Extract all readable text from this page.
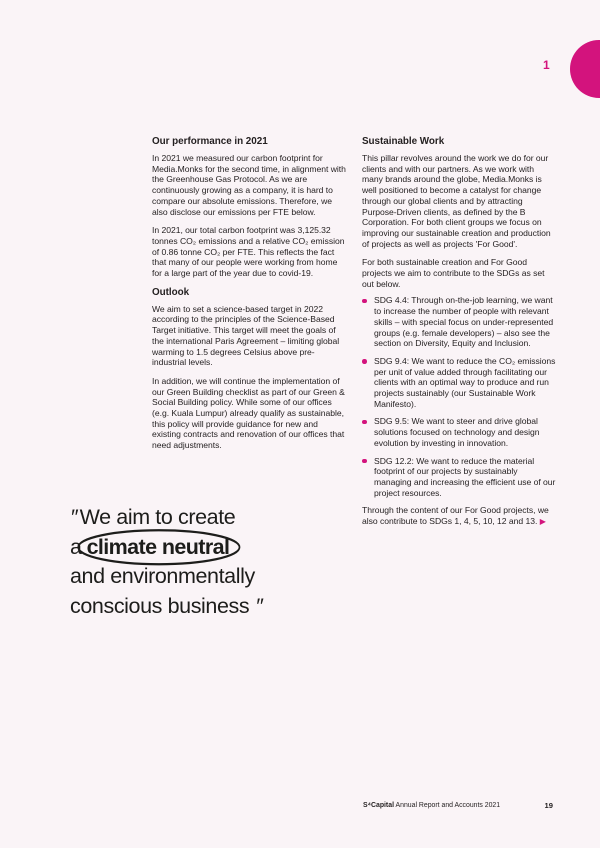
1
Our performance in 2021

In 2021 we measured our carbon footprint for Media.Monks for the second time, in alignment with the Greenhouse Gas Protocol. As we are continuously growing as a company, it is hard to compare our absolute emissions. Therefore, we also disclose our emissions per FTE below.

In 2021, our total carbon footprint was 3,125.32 tonnes CO₂ emissions and a relative CO₂ emission of 0.86 tonne CO₂ per FTE. This reflects the fact that many of our people were working from home for a large part of the year due to covid-19.

Outlook

We aim to set a science-based target in 2022 according to the principles of the Science-Based Target initiative. This target will meet the goals of the international Paris Agreement – limiting global warming to 1.5 degrees Celsius above pre-industrial levels.

In addition, we will continue the implementation of our Green Building checklist as part of our Green & Social Building policy. While some of our offices (e.g. Kuala Lumpur) already qualify as sustainable, this policy will provide guidance for new and existing contracts and renovation of our offices that need adjustments.

Sustainable Work

This pillar revolves around the work we do for our clients and with our partners. As we work with many brands around the globe, Media.Monks is well positioned to become a catalyst for change through our global clients and by attracting Purpose-Driven clients, as defined by the B Corporation. For both client groups we focus on improving our sustainable creation and production of projects as well as projects 'For Good'.

For both sustainable creation and For Good projects we aim to contribute to the SDGs as set out below.

SDG 4.4: Through on-the-job learning, we want to increase the number of people with relevant skills – with special focus on under-represented groups (e.g. female developers) – also see the section on Diversity, Equity and Inclusion.
SDG 9.4: We want to reduce the CO₂ emissions per unit of value added through facilitating our clients with an optimal way to produce and run projects sustainably (our Sustainable Work Manifesto).
SDG 9.5: We want to steer and drive global solutions focused on technology and design evolution by investing in innovation.
SDG 12.2: We want to reduce the material footprint of our projects by sustainably managing and increasing the efficient use of our project resources.

Through the content of our For Good projects, we also contribute to SDGs 1, 4, 5, 10, 12 and 13. ▶

″ We aim to create
a climate neutral
and environmentally
conscious business ″
S⁴Capital Annual Report and Accounts 2021	19
